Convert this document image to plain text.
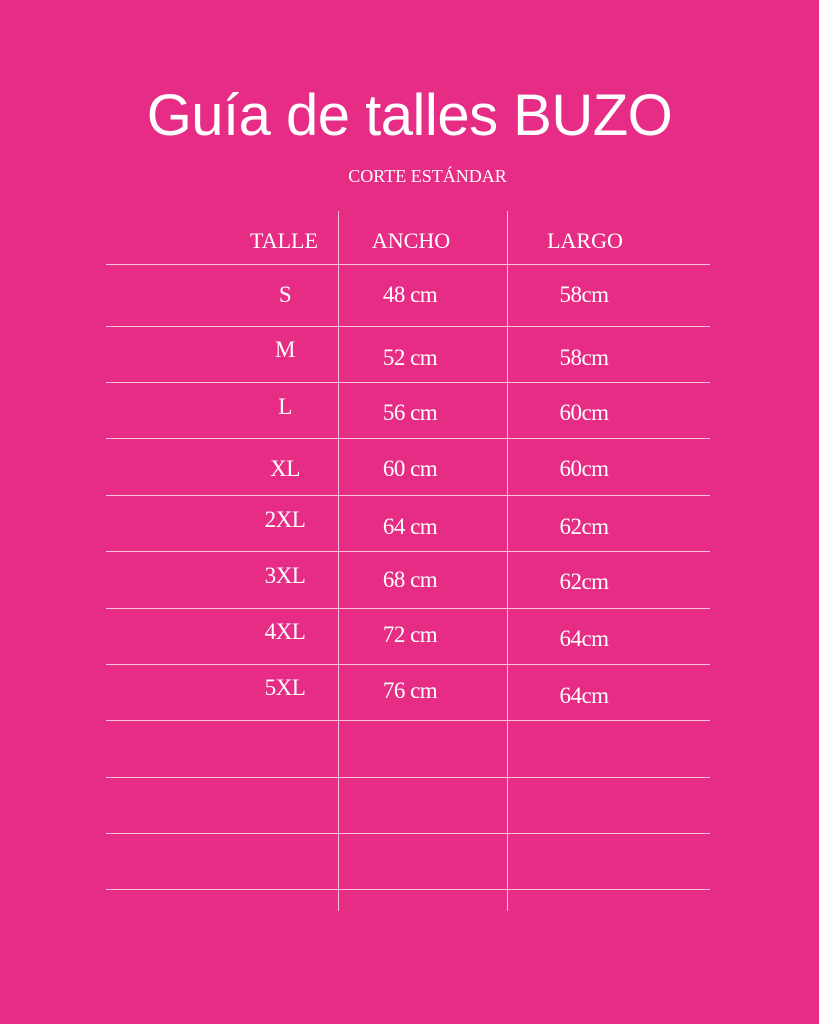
Guía de talles BUZO
CORTE ESTÁNDAR
TALLE	ANCHO	LARGO
S	48 cm	58cm
M	52 cm	58cm
L	56 cm	60cm
XL	60 cm	60cm
2XL	64 cm	62cm
3XL	68 cm	62cm
4XL	72 cm	64cm
5XL	76 cm	64cm
